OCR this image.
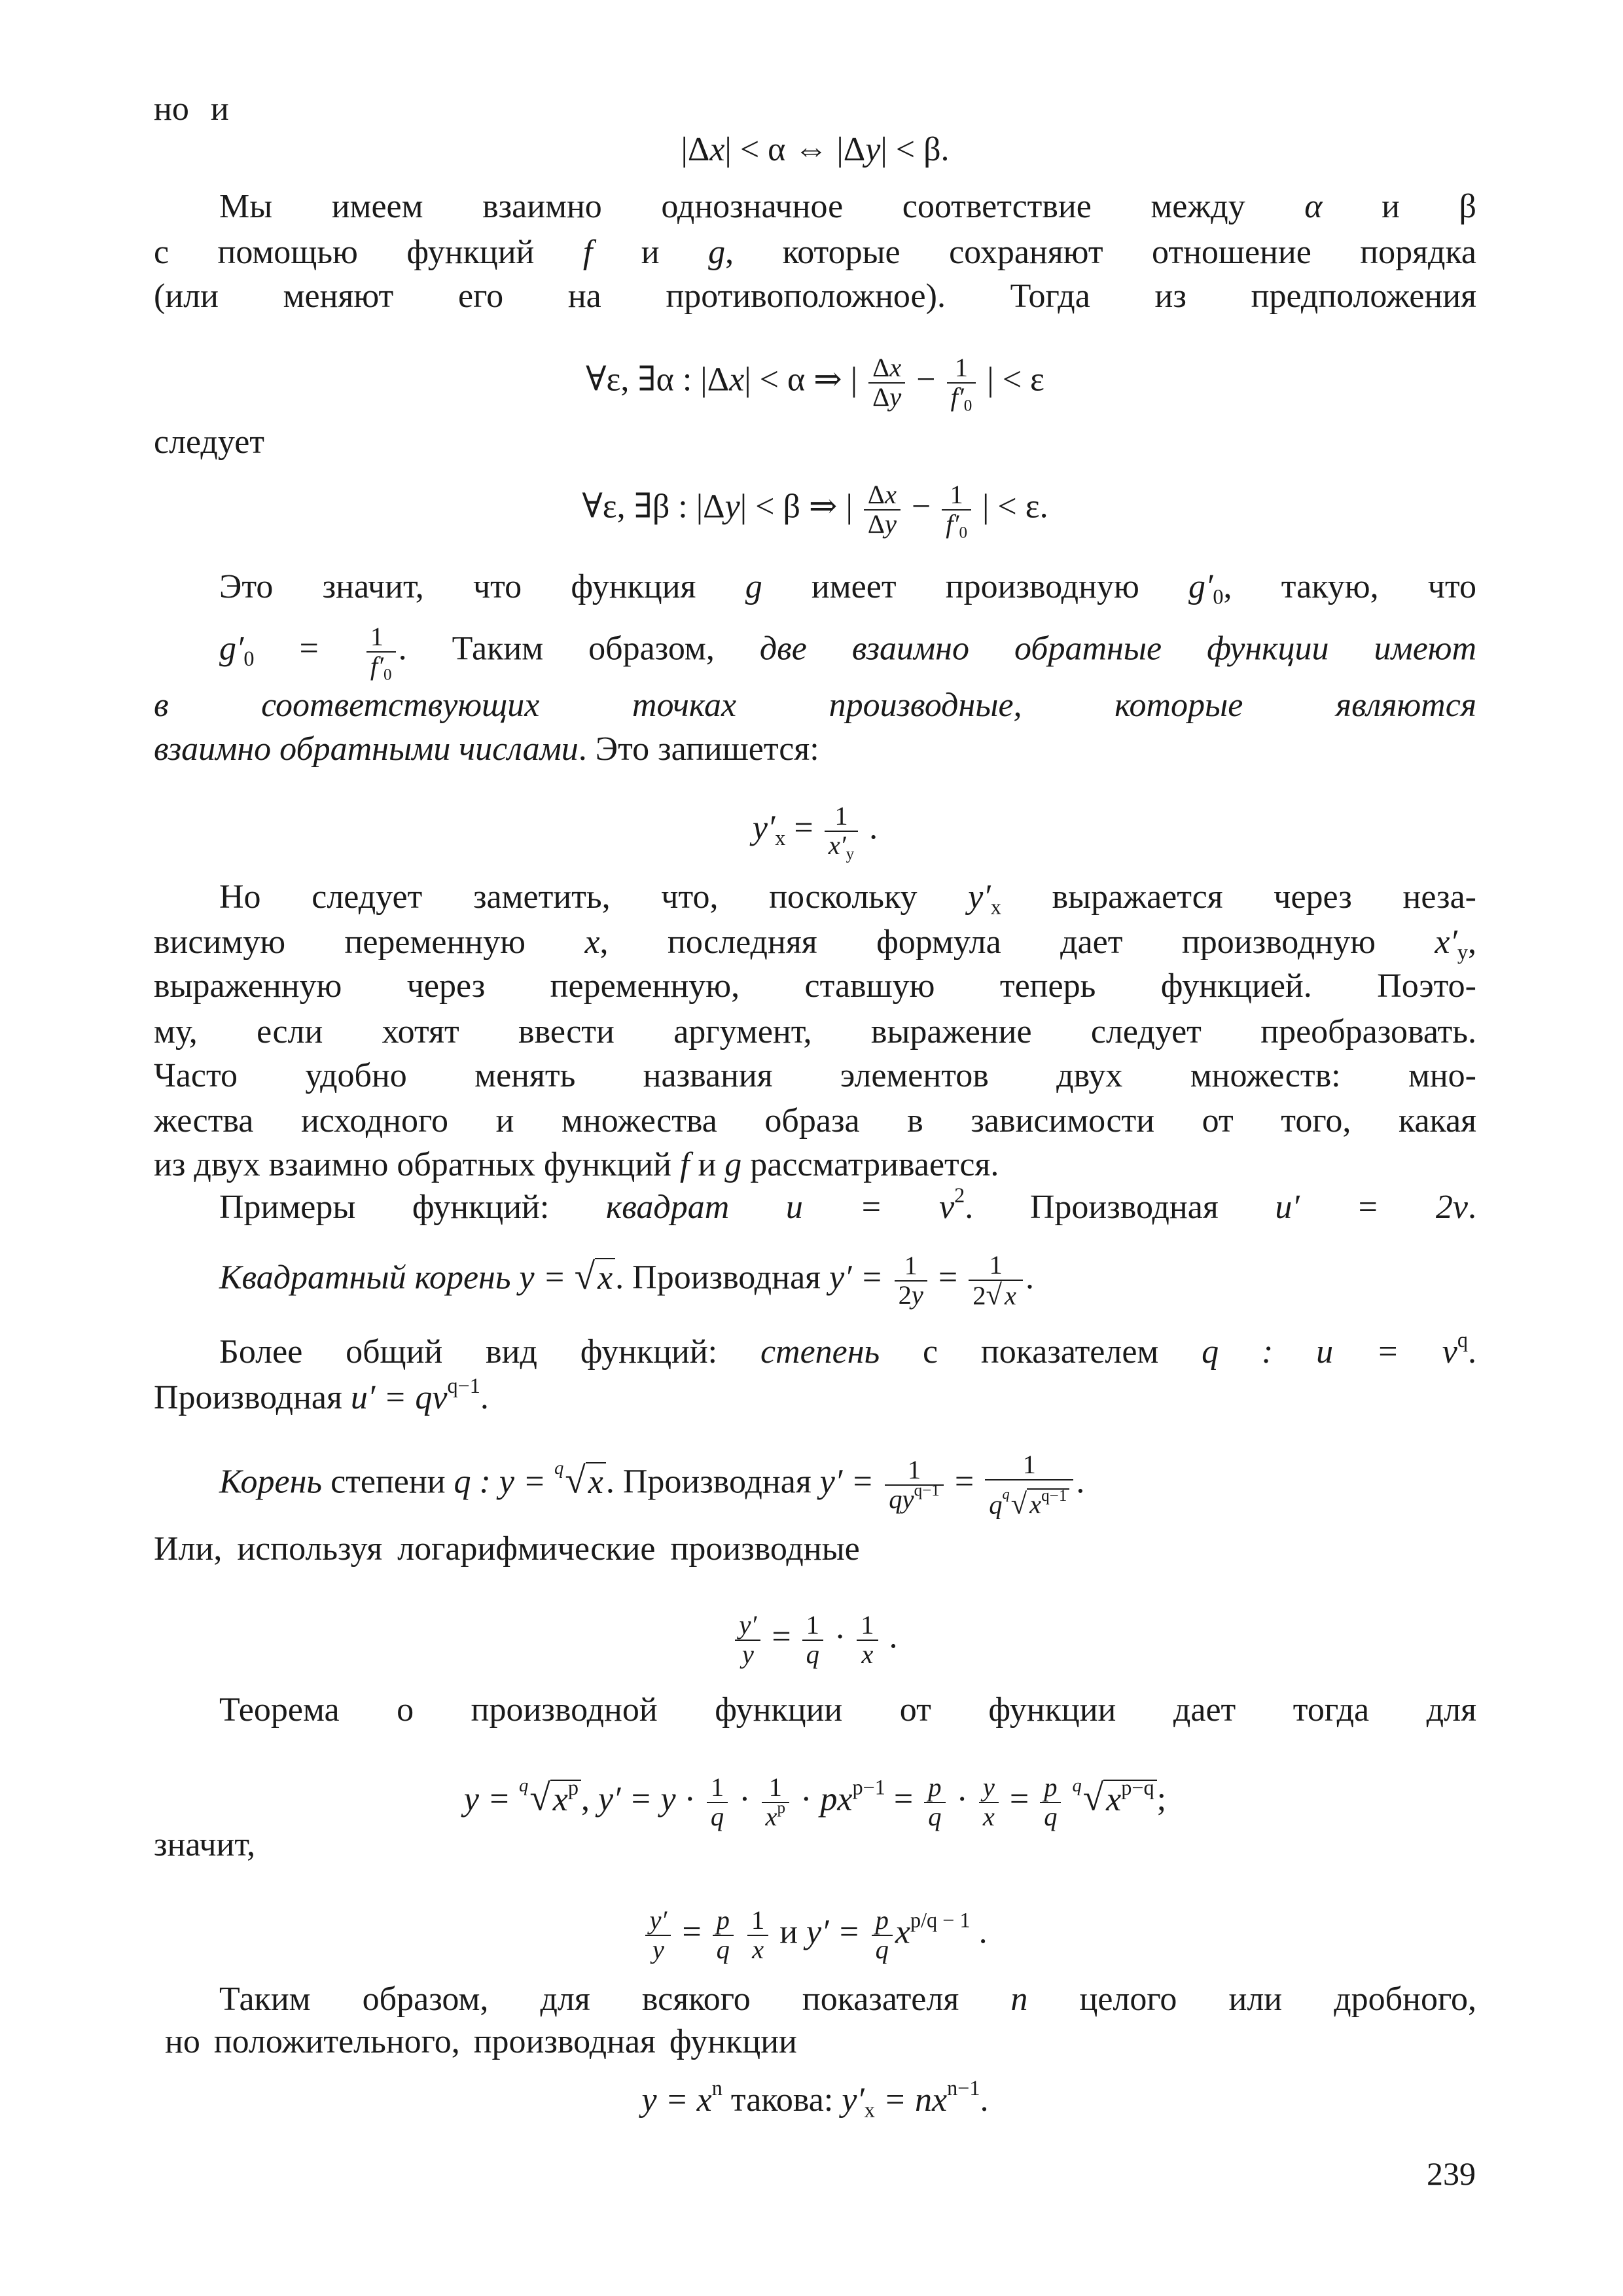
но и
|Δx| < α ⇔ |Δy| < β.
Мы имеем взаимно однозначное соответствие между α и β
с помощью функций f и g, которые сохраняют отношение порядка
(или меняют его на противоположное). Тогда из предположения
∀ε, ∃α : |Δx| < α ⇒ | $\frac{\Delta x}{\Delta y} - \frac{1}{f'_0}$ | < ε
следует
∀ε, ∃β : |Δy| < β ⇒ | $\frac{\Delta x}{\Delta y} - \frac{1}{f'_0}$ | < ε.
Это значит, что функция g имеет производную $g'_0$, такую, что
$g'_0 = \frac{1}{f'_0}$ . Таким образом, две взаимно обратные функции имеют
в соответствующих точках производные, которые являются
взаимно обратными числами. Это запишется:
$y'_x = \frac{1}{x'_y}$ .
Но следует заметить, что, поскольку $y'_x$ выражается через неза-
висимую переменную x, последняя формула дает производную $x'_y$,
выраженную через переменную, ставшую теперь функцией. Поэто-
му, если хотят ввести аргумент, выражение следует преобразовать.
Часто удобно менять названия элементов двух множеств: мно-
жества исходного и множества образа в зависимости от того, какая
из двух взаимно обратных функций f и g рассматривается.
Примеры функций: квадрат $u = v^2$. Производная u′ = 2v.
Квадратный корень y = √x. Производная $y' = \frac{1}{2y} = \frac{1}{2√x}$ .
Более общий вид функций: степень с показателем q : $u = v^q$.
Производная $u' = qv^{q-1}$.
Корень степени q : y = $^q$√x. Производная $y' = \frac{1}{qy^{q-1}} = \frac{1}{q^q√x^{q-1}}$ .
Или, используя логарифмические производные
$\frac{y'}{y} = \frac{1}{q} \cdot \frac{1}{x}$ .
Теорема о производной функции от функции дает тогда для
$y = ^q√x^p$, $y' = y \cdot \frac{1}{q} \cdot \frac{1}{x^p} \cdot px^{p-1} = \frac{p}{q} \cdot \frac{y}{x} = \frac{p}{q} ^q√x^{p-q}$;
значит,
$\frac{y'}{y} = \frac{p}{q}$
$\frac{1}{x}$ и $y' = \frac{p}{q} x^{p/q - 1}$ .
Таким образом, для всякого показателя n целого или дробного,
но положительного, производная функции
$y = x^n$ такова: $y'_x = nx^{n-1}$.
239
